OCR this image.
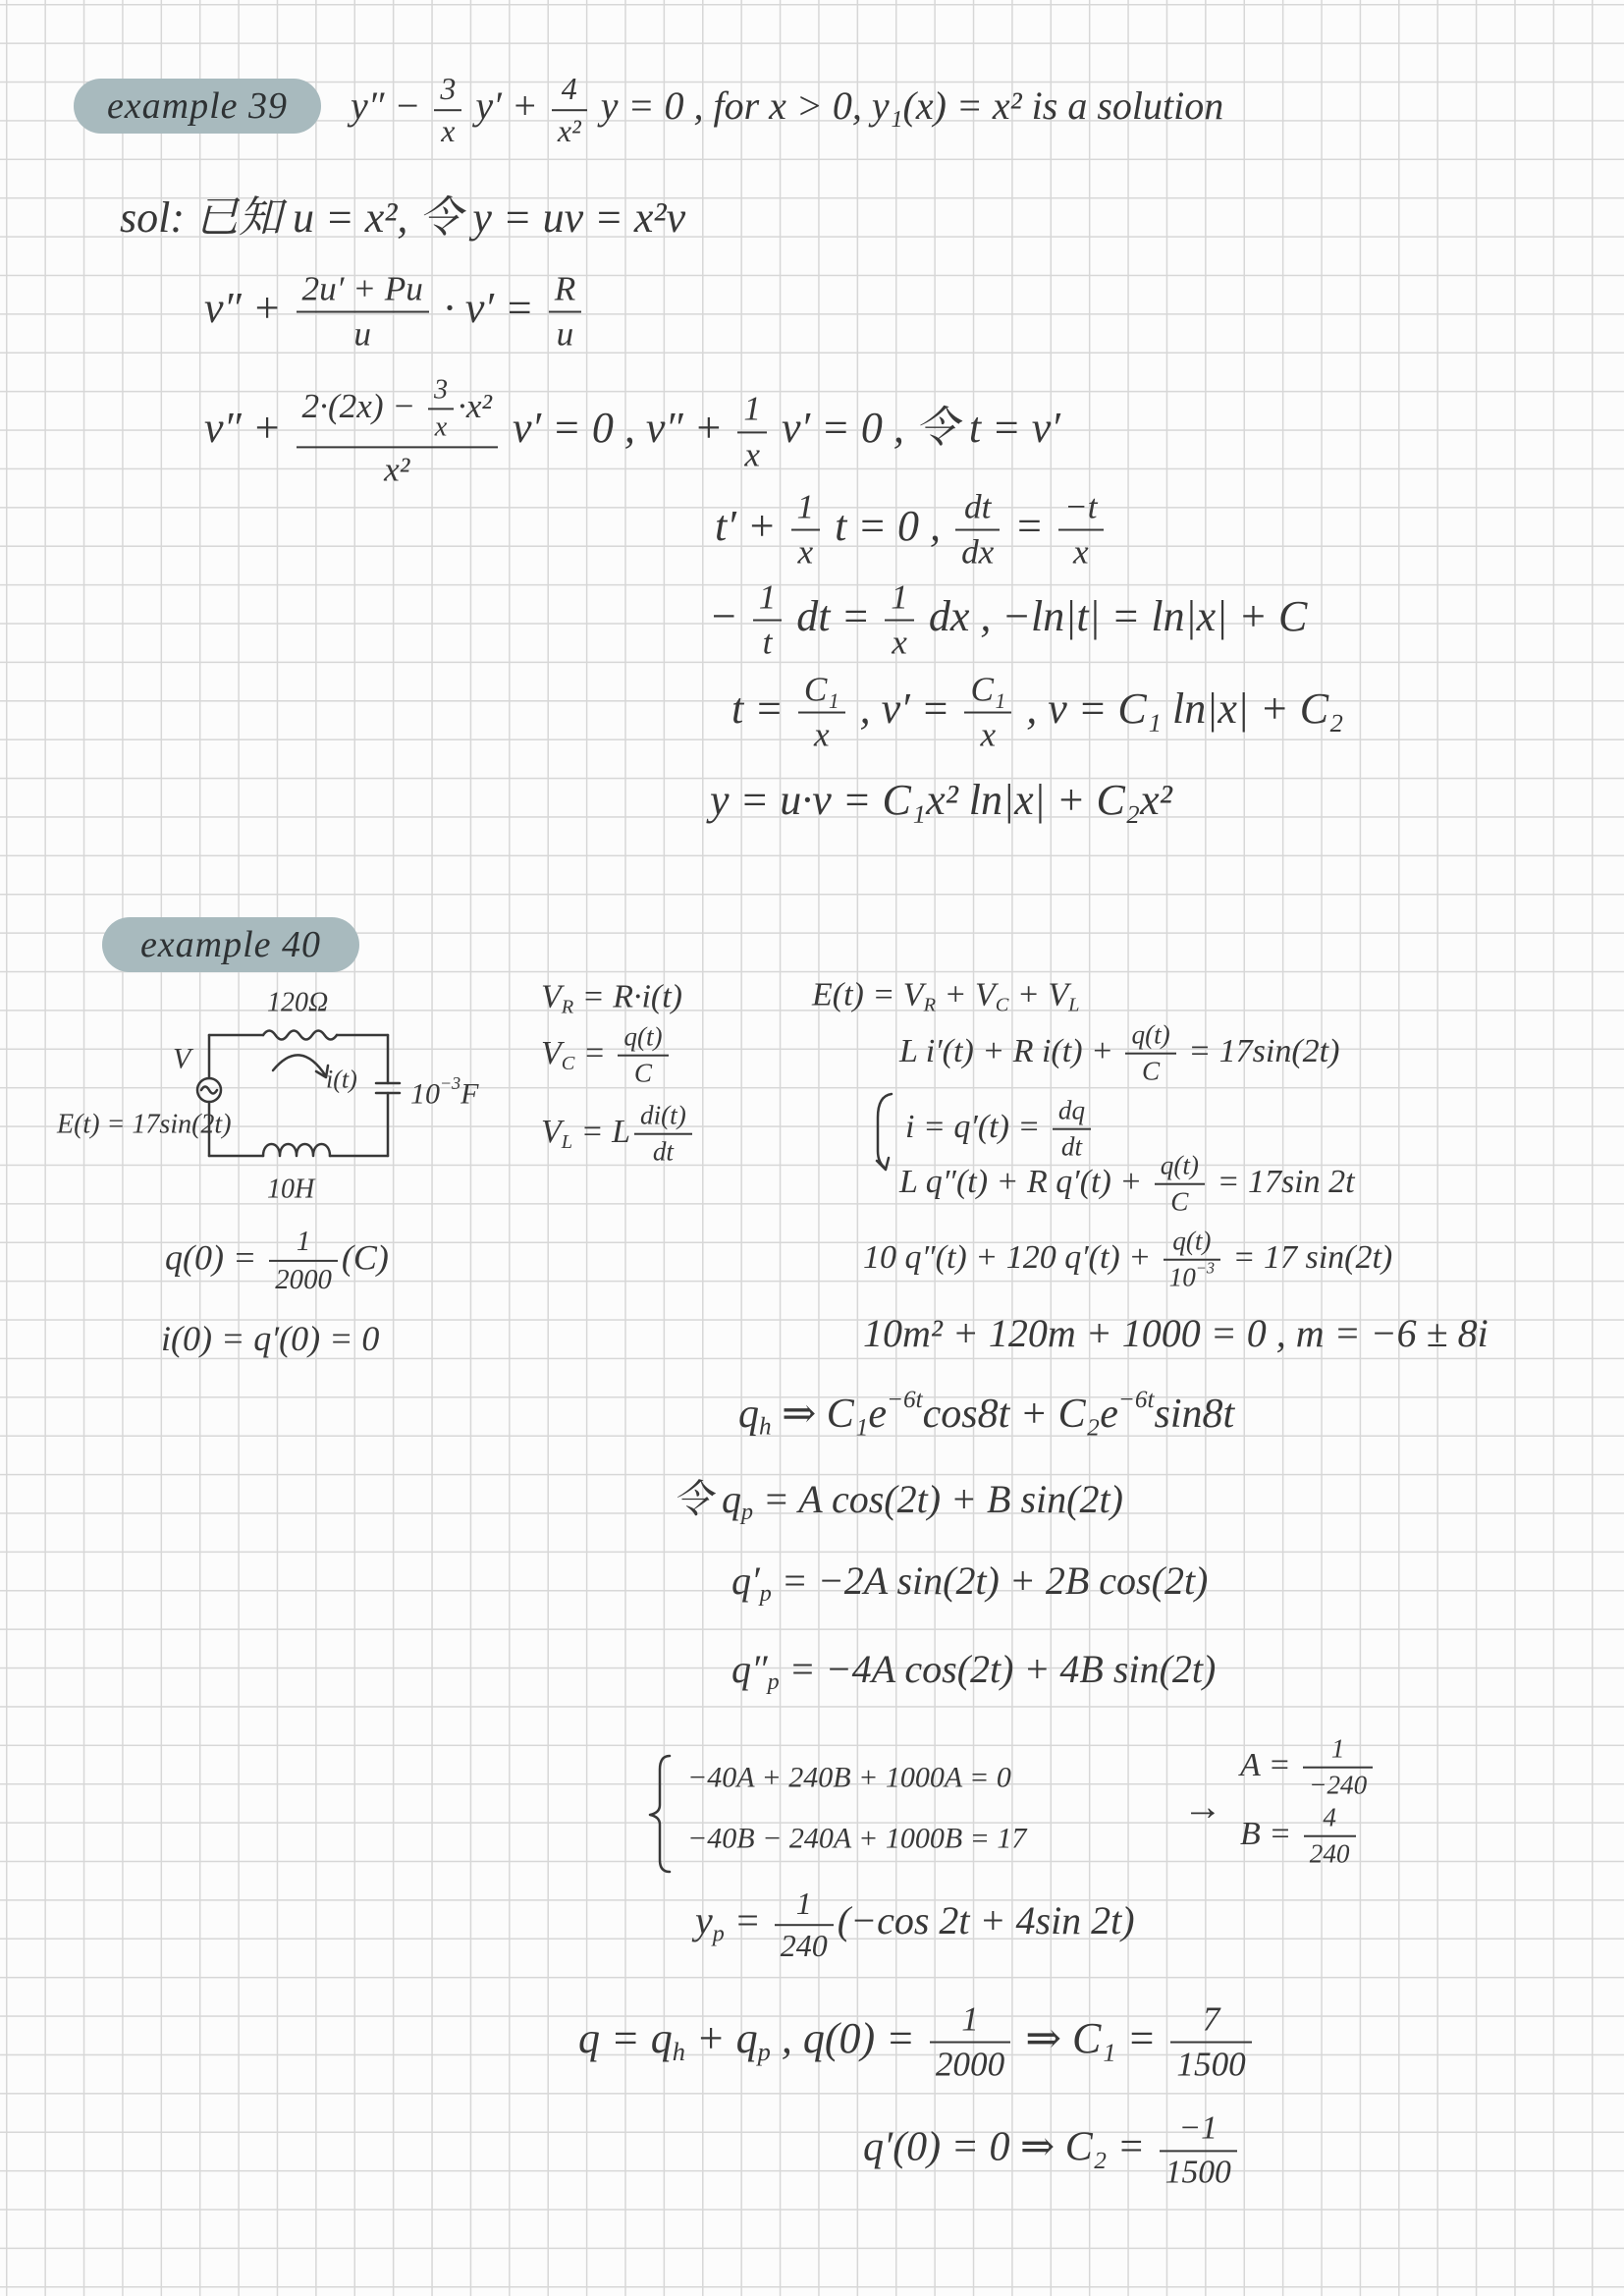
example 39 $y'' - \frac{3}{x} y' + \frac{4}{\text{x²}}$ y = 0 , for x > 0, y₁(x) = x² is a solution
sol: 已知 u = x², 令 y = uv = x²v
$v'' + \frac{2u' + Pu}{u} \cdot v' = \frac{R}{u}$
$v'' + \frac{2\cdot(2x) - \frac{3}{x} \cdot x^2}{\text{x²}} v' = 0$ , $v'' + \frac{1}{x} v' = 0$ , 令 t = v′
$t' + \frac{1}{x}$ t = 0 , $\frac{dt}{dx} = \frac{-t}{x}$
− $\frac{1}{t}$ dt = $\frac{1}{x}$ dx , −ln|t| = ln|x| + C
$t = \frac{\text{C₁}}{x}$ , $v' = \frac{\text{C₁}}{x}$ , v = C₁ ln|x| + C₂
y = u·v = C₁x² ln|x| + C₂x²
example 40
120Ω
V
i(t) $10^{-3}F$
E(t) = 17sin(2t)
10H
$q(0) = \frac{1}{2000} (C)$
i(0) = q′(0) = 0
$V_R = R\cdot i(t)$
$V_C = \frac{q(t)}{C}$
$V_L = L \frac{di(t)}{dt}$
$E(t) = V_R + V_C + V_L$
L i′(t) + R $i(t) + \frac{q(t)}{C} = 17\sin(2t)$
$i = q'(t) = \frac{dq}{dt}$
L q″(t) + R $q'(t) + \frac{q(t)}{C} = 17\sin$ 2t
10 q″(t) + 120 $q'(t) + \frac{q(t)}{10^{-3}} = 17$ sin(2t)
10m² + 120m + 1000 = 0 , m = −6 ± 8i
$q_h$ ⇒ $C_1e^{-6t}\cos 8t + C_2e^{-6t}\sin 8t$
令 $q_p = A$ cos(2t) + B sin(2t)
$q'_p = -2A$ sin(2t) + 2B cos(2t)
$q''_p = -4A$ cos(2t) + 4B sin(2t)
−40A + 240B + 1000A = 0
−40B − 240A + 1000B = 17
→
$A = \frac{1}{-240}$
$B = \frac{4}{240}$
$y_p = \frac{1}{240} (-\cos$ 2t + 4sin 2t)
$q = q_h + q_p$ , $q(0) = \frac{1}{2000}$ ⇒ $C_1 = \frac{7}{1500}$
q′(0) = 0 ⇒ $C_2 = \frac{-1}{1500}$
